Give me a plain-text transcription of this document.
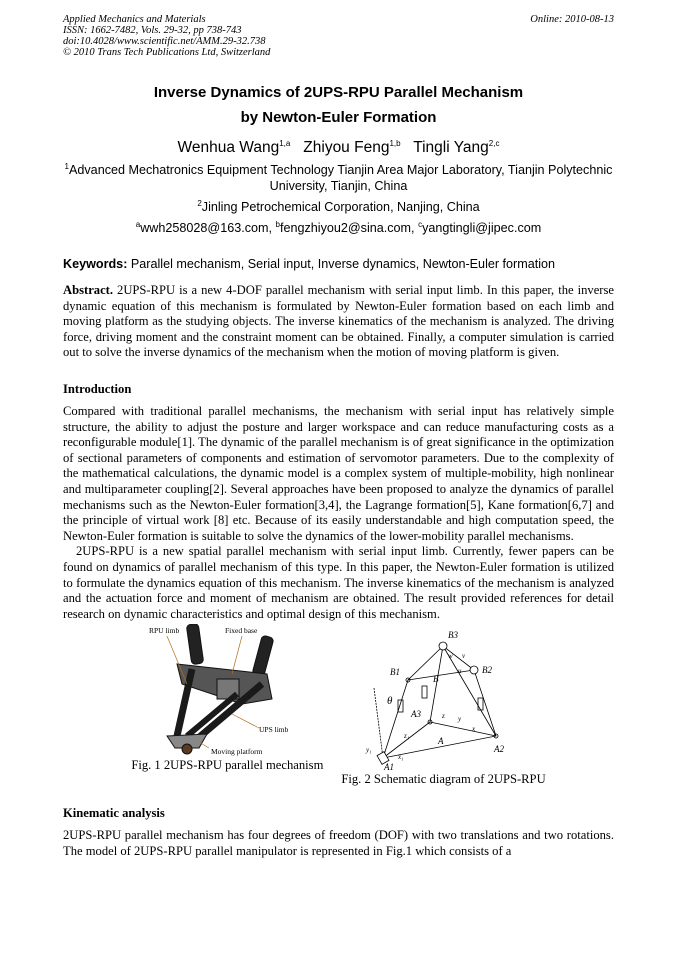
Applied Mechanics and Materials
ISSN: 1662-7482, Vols. 29-32, pp 738-743
doi:10.4028/www.scientific.net/AMM.29-32.738
© 2010 Trans Tech Publications Ltd, Switzerland
Online: 2010-08-13
Inverse Dynamics of 2UPS-RPU Parallel Mechanism
by Newton-Euler Formation
Wenhua Wang$^{1,a}$ Zhiyou Feng$^{1,b}$ Tingli Yang$^{2,c}$
$^1$Advanced Mechatronics Equipment Technology Tianjin Area Major Laboratory, Tianjin Polytechnic University, Tianjin, China
$^2$Jinling Petrochemical Corporation, Nanjing, China
$^a$wwh258028@163.com, $^b$fengzhiyou2@sina.com, $^c$yangtingli@jipec.com
Keywords: Parallel mechanism, Serial input, Inverse dynamics, Newton-Euler formation
Abstract. 2UPS-RPU is a new 4-DOF parallel mechanism with serial input limb. In this paper, the inverse dynamic equation of this mechanism is formulated by Newton-Euler formation based on each limb and moving platform as the studying objects. The inverse kinematics of the mechanism is analyzed. The driving force, driving moment and the constraint moment can be obtained. Finally, a computer simulation is carried out to solve the inverse dynamics of the mechanism when the motion of moving platform is given.
Introduction
Compared with traditional parallel mechanisms, the mechanism with serial input has relatively simple structure, the ability to adjust the posture and larger workspace and can reduce manufacturing costs as a reconfigurable module[1]. The dynamic of the parallel mechanism is of great significance in the optimization of sectional parameters of components and estimation of servomotor parameters. Due to the complexity of the mathematical calculations, the dynamic model is a complex system of multiple-mobility, high nonlinear and multiparameter coupling[2]. Several approaches have been proposed to analyze the dynamics of parallel mechanisms such as the Newton-Euler formation[3,4], the Lagrange formation[5], Kane formation[6,7] and the principle of virtual work [8] etc. Because of its easily understandable and high computation speed, the Newton-Euler formation is suitable to solve the dynamics of the lower-mobility parallel mechanisms.
2UPS-RPU is a new spatial parallel mechanism with serial input limb. Currently, fewer papers can be found on dynamics of parallel mechanism of this type. In this paper, the Newton-Euler formation is utilized to formulate the dynamics equation of this mechanism. The inverse kinematics of the mechanism is analyzed and the actuation force and moment of mechanism are obtained. The result provided references for detail research on dynamic characteristics and optimal design of this mechanism.
RPU limb	Fixed base
UPS limb
Moving platform
Fig. 1 2UPS-RPU parallel mechanism
B3
B2
B1
B
A3
A
A2
A1
θ
z₁
y₁
x₁
x
y
z
u
v
w
Fig. 2 Schematic diagram of 2UPS-RPU
Kinematic analysis
2UPS-RPU parallel mechanism has four degrees of freedom (DOF) with two translations and two rotations. The model of 2UPS-RPU parallel manipulator is represented in Fig.1 which consists of a
